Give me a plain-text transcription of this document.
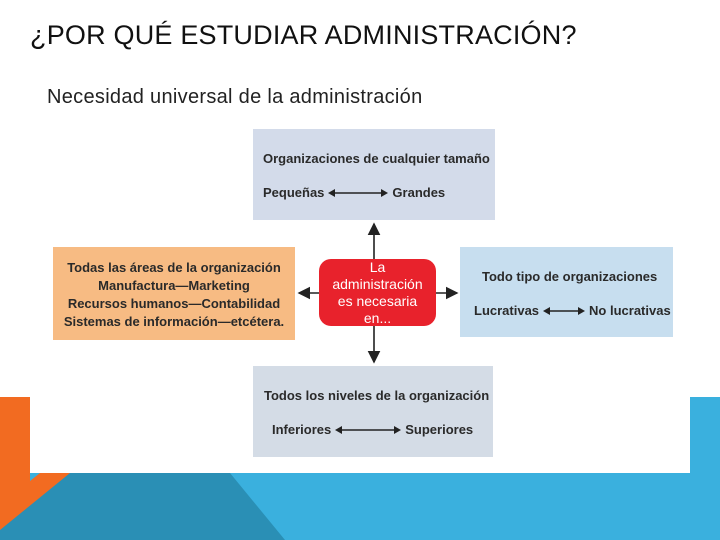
¿POR QUÉ ESTUDIAR ADMINISTRACIÓN?
Necesidad universal de la administración
Organizaciones de cualquier tamaño
Pequeñas	Grandes
Todo tipo de organizaciones
Lucrativas	No lucrativas
Todos los niveles de la organización
Inferiores	Superiores
Todas las áreas de la organización
Manufactura—Marketing
Recursos humanos—Contabilidad
Sistemas de información—etcétera.
La administración es necesaria en...
